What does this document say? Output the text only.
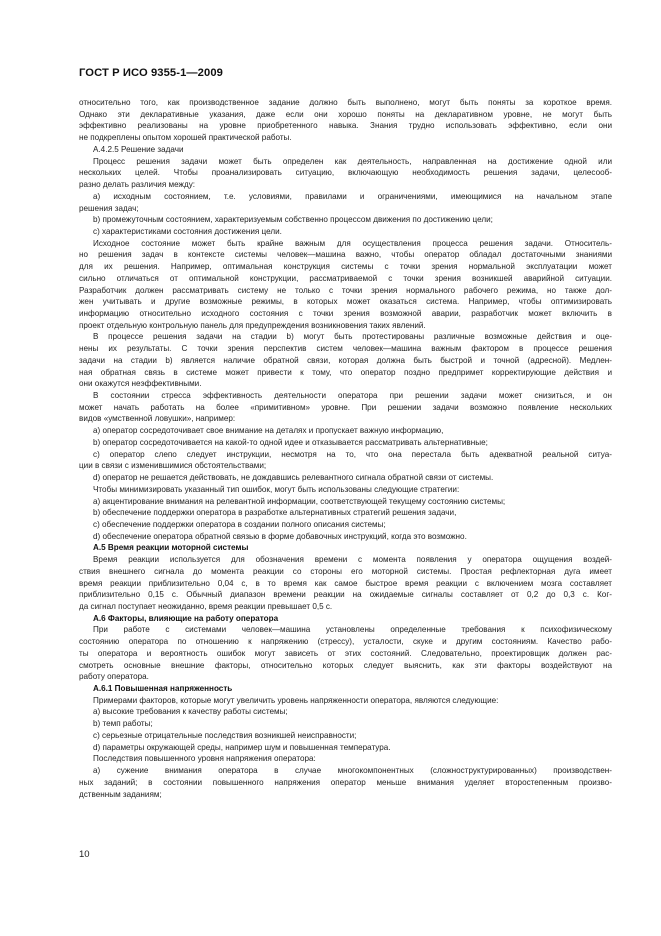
ГОСТ Р ИСО 9355-1—2009
относительно того, как производственное задание должно быть выполнено, могут быть поняты за короткое время.
Однако эти декларативные указания, даже если они хорошо поняты на декларативном уровне, не могут быть
эффективно реализованы на уровне приобретенного навыка. Знания трудно использовать эффективно, если они
не подкреплены опытом хорошей практической работы.
А.4.2.5 Решение задачи
Процесс решения задачи может быть определен как деятельность, направленная на достижение одной или
нескольких целей. Чтобы проанализировать ситуацию, включающую необходимость решения задачи, целесооб-
разно делать различия между:
а) исходным состоянием, т.е. условиями, правилами и ограничениями, имеющимися на начальном этапе
решения задач;
b) промежуточным состоянием, характеризуемым собственно процессом движения по достижению цели;
с) характеристиками состояния достижения цели.
Исходное состояние может быть крайне важным для осуществления процесса решения задачи. Относитель-
но решения задач в контексте системы человек—машина важно, чтобы оператор обладал достаточными знаниями
для их решения. Например, оптимальная конструкция системы с точки зрения нормальной эксплуатации может
сильно отличаться от оптимальной конструкции, рассматриваемой с точки зрения возникшей аварийной ситуации.
Разработчик должен рассматривать систему не только с точки зрения нормального рабочего режима, но также дол-
жен учитывать и другие возможные режимы, в которых может оказаться система. Например, чтобы оптимизировать
информацию относительно исходного состояния с точки зрения возможной аварии, разработчик может включить в
проект отдельную контрольную панель для предупреждения возникновения таких явлений.
В процессе решения задачи на стадии b) могут быть протестированы различные возможные действия и оце-
нены их результаты. С точки зрения перспектив систем человек—машина важным фактором в процессе решения
задачи на стадии b) является наличие обратной связи, которая должна быть быстрой и точной (адресной). Медлен-
ная обратная связь в системе может привести к тому, что оператор поздно предпримет корректирующие действия и
они окажутся неэффективными.
В состоянии стресса эффективность деятельности оператора при решении задачи может снизиться, и он
может начать работать на более «примитивном» уровне. При решении задачи возможно появление нескольких
видов «умственной ловушки», например:
а) оператор сосредоточивает свое внимание на деталях и пропускает важную информацию,
b) оператор сосредоточивается на какой-то одной идее и отказывается рассматривать альтернативные;
с) оператор слепо следует инструкции, несмотря на то, что она перестала быть адекватной реальной ситуа-
ции в связи с изменившимися обстоятельствами;
d) оператор не решается действовать, не дождавшись релевантного сигнала обратной связи от системы.
Чтобы минимизировать указанный тип ошибок, могут быть использованы следующие стратегии:
а) акцентирование внимания на релевантной информации, соответствующей текущему состоянию системы;
b) обеспечение поддержки оператора в разработке альтернативных стратегий решения задачи,
с) обеспечение поддержки оператора в создании полного описания системы;
d) обеспечение оператора обратной связью в форме добавочных инструкций, когда это возможно.
А.5 Время реакции моторной системы
Время реакции используется для обозначения времени с момента появления у оператора ощущения воздей-
ствия внешнего сигнала до момента реакции со стороны его моторной системы. Простая рефлекторная дуга имеет
время реакции приблизительно 0,04 с, в то время как самое быстрое время реакции с включением мозга составляет
приблизительно 0,15 с. Обычный диапазон времени реакции на ожидаемые сигналы составляет от 0,2 до 0,3 с. Ког-
да сигнал поступает неожиданно, время реакции превышает 0,5 с.
А.6 Факторы, влияющие на работу оператора
При работе с системами человек—машина установлены определенные требования к психофизическому
состоянию оператора по отношению к напряжению (стрессу), усталости, скуке и другим состояниям. Качество рабо-
ты оператора и вероятность ошибок могут зависеть от этих состояний. Следовательно, проектировщик должен рас-
смотреть основные внешние факторы, относительно которых следует выяснить, как эти факторы воздействуют на
работу оператора.
А.6.1 Повышенная напряженность
Примерами факторов, которые могут увеличить уровень напряженности оператора, являются следующие:
а) высокие требования к качеству работы системы;
b) темп работы;
с) серьезные отрицательные последствия возникшей неисправности;
d) параметры окружающей среды, например шум и повышенная температура.
Последствия повышенного уровня напряжения оператора:
а) сужение внимания оператора в случае многокомпонентных (сложноструктурированных) производствен-
ных заданий; в состоянии повышенного напряжения оператор меньше внимания уделяет второстепенным произво-
дственным заданиям;
10
